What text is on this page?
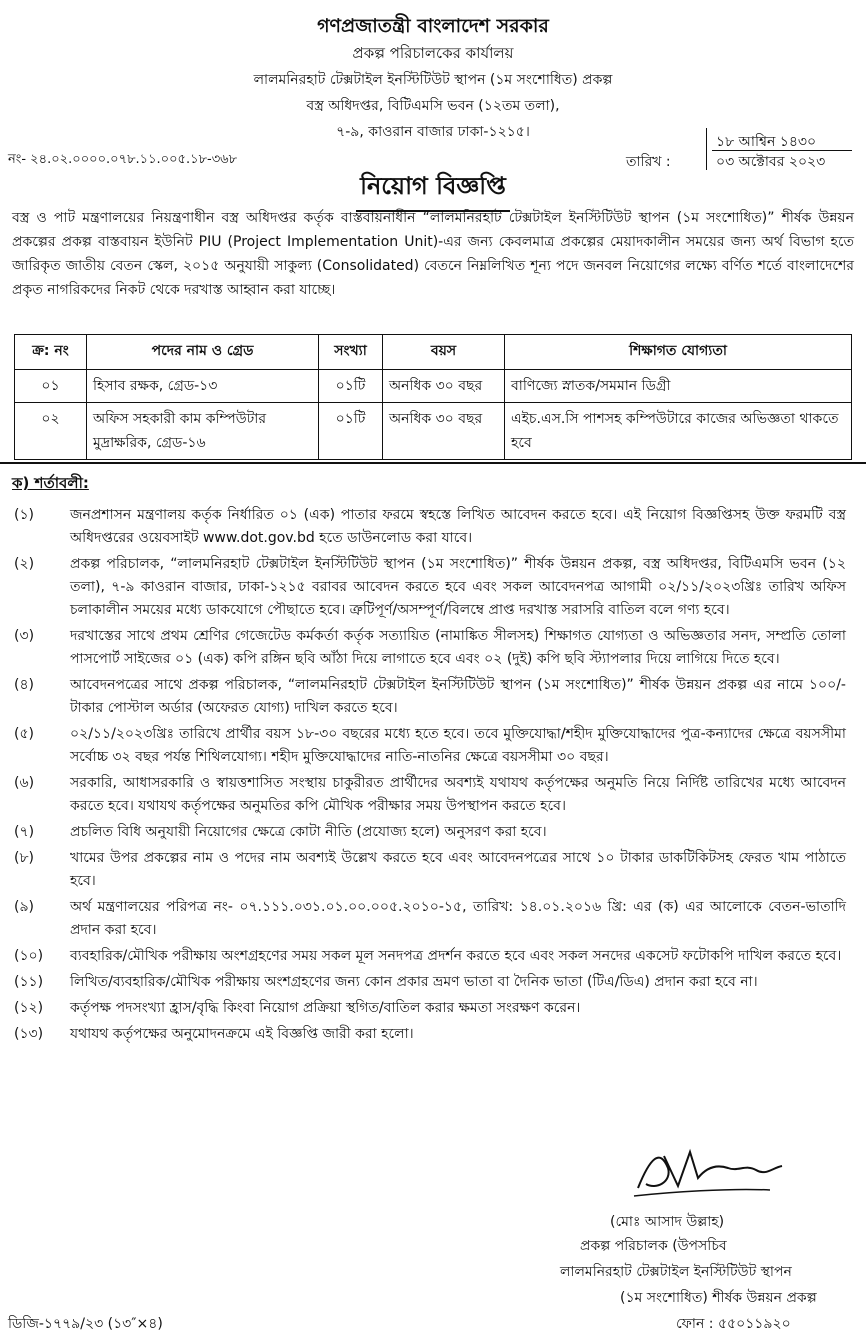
গণপ্রজাতন্ত্রী বাংলাদেশ সরকার
প্রকল্প পরিচালকের কার্যালয়
লালমনিরহাট টেক্সটাইল ইনস্টিটিউট স্থাপন (১ম সংশোধিত) প্রকল্প
বস্ত্র অধিদপ্তর, বিটিএমসি ভবন (১২তম তলা),
৭-৯, কাওরান বাজার ঢাকা-১২১৫।
নং- ২৪.০২.০০০০.০৭৮.১১.০০৫.১৮-৩৬৮	তারিখ :
১৮ আশ্বিন ১৪৩০
০৩ অক্টোবর ২০২৩
নিয়োগ বিজ্ঞপ্তি
বস্ত্র ও পাট মন্ত্রণালয়ের নিয়ন্ত্রণাধীন বস্ত্র অধিদপ্তর কর্তৃক বাস্তবায়নাধীন “লালমনিরহাট টেক্সটাইল ইনস্টিটিউট স্থাপন (১ম সংশোধিত)” শীর্ষক উন্নয়ন প্রকল্পের প্রকল্প বাস্তবায়ন ইউনিট PIU (Project Implementation Unit)-এর জন্য কেবলমাত্র প্রকল্পের মেয়াদকালীন সময়ের জন্য অর্থ বিভাগ হতে জারিকৃত জাতীয় বেতন স্কেল, ২০১৫ অনুযায়ী সাকুল্য (Consolidated) বেতনে নিম্নলিখিত শূন্য পদে জনবল নিয়োগের লক্ষ্যে বর্ণিত শর্তে বাংলাদেশের প্রকৃত নাগরিকদের নিকট থেকে দরখাস্ত আহ্বান করা যাচ্ছে।
ক্র: নং	পদের নাম ও গ্রেড	সংখ্যা	বয়স	শিক্ষাগত যোগ্যতা
০১	হিসাব রক্ষক, গ্রেড-১৩	০১টি	অনধিক ৩০ বছর	বাণিজ্যে স্নাতক/সমমান ডিগ্রী
০২	অফিস সহকারী কাম কম্পিউটার মুদ্রাক্ষরিক, গ্রেড-১৬	০১টি	অনধিক ৩০ বছর	এইচ.এস.সি পাশসহ কম্পিউটারে কাজের অভিজ্ঞতা থাকতে হবে
ক) শর্তাবলী:
(১)	জনপ্রশাসন মন্ত্রণালয় কর্তৃক নির্ধারিত ০১ (এক) পাতার ফরমে স্বহস্তে লিখিত আবেদন করতে হবে। এই নিয়োগ বিজ্ঞপ্তিসহ উক্ত ফরমটি বস্ত্র অধিদপ্তরের ওয়েবসাইট www.dot.gov.bd হতে ডাউনলোড করা যাবে।
(২)	প্রকল্প পরিচালক, “লালমনিরহাট টেক্সটাইল ইনস্টিটিউট স্থাপন (১ম সংশোধিত)” শীর্ষক উন্নয়ন প্রকল্প, বস্ত্র অধিদপ্তর, বিটিএমসি ভবন (১২ তলা), ৭-৯ কাওরান বাজার, ঢাকা-১২১৫ বরাবর আবেদন করতে হবে এবং সকল আবেদনপত্র আগামী ০২/১১/২০২৩খ্রিঃ তারিখ অফিস চলাকালীন সময়ের মধ্যে ডাকযোগে পৌছাতে হবে। ত্রুটিপূর্ণ/অসম্পূর্ণ/বিলম্বে প্রাপ্ত দরখাস্ত সরাসরি বাতিল বলে গণ্য হবে।
(৩)	দরখাস্তের সাথে প্রথম শ্রেণির গেজেটেড কর্মকর্তা কর্তৃক সত্যায়িত (নামাঙ্কিত সীলসহ) শিক্ষাগত যোগ্যতা ও অভিজ্ঞতার সনদ, সম্প্রতি তোলা পাসপোর্ট সাইজের ০১ (এক) কপি রঙ্গিন ছবি আঁঠা দিয়ে লাগাতে হবে এবং ০২ (দুই) কপি ছবি স্ট্যাপলার দিয়ে লাগিয়ে দিতে হবে।
(৪)	আবেদনপত্রের সাথে প্রকল্প পরিচালক, “লালমনিরহাট টেক্সটাইল ইনস্টিটিউট স্থাপন (১ম সংশোধিত)” শীর্ষক উন্নয়ন প্রকল্প এর নামে ১০০/-টাকার পোস্টাল অর্ডার (অফেরত যোগ্য) দাখিল করতে হবে।
(৫)	০২/১১/২০২৩খ্রিঃ তারিখে প্রার্থীর বয়স ১৮-৩০ বছরের মধ্যে হতে হবে। তবে মুক্তিযোদ্ধা/শহীদ মুক্তিযোদ্ধাদের পুত্র-কন্যাদের ক্ষেত্রে বয়সসীমা সর্বোচ্চ ৩২ বছর পর্যন্ত শিথিলযোগ্য। শহীদ মুক্তিযোদ্ধাদের নাতি-নাতনির ক্ষেত্রে বয়সসীমা ৩০ বছর।
(৬)	সরকারি, আধাসরকারি ও স্বায়ত্তশাসিত সংস্থায় চাকুরীরত প্রার্থীদের অবশ্যই যথাযথ কর্তৃপক্ষের অনুমতি নিয়ে নির্দিষ্ট তারিখের মধ্যে আবেদন করতে হবে। যথাযথ কর্তৃপক্ষের অনুমতির কপি মৌখিক পরীক্ষার সময় উপস্থাপন করতে হবে।
(৭)	প্রচলিত বিধি অনুযায়ী নিয়োগের ক্ষেত্রে কোটা নীতি (প্রযোজ্য হলে) অনুসরণ করা হবে।
(৮)	খামের উপর প্রকল্পের নাম ও পদের নাম অবশ্যই উল্লেখ করতে হবে এবং আবেদনপত্রের সাথে ১০ টাকার ডাকটিকিটসহ ফেরত খাম পাঠাতে হবে।
(৯)	অর্থ মন্ত্রণালয়ের পরিপত্র নং- ০৭.১১১.০৩১.০১.০০.০০৫.২০১০-১৫, তারিখ: ১৪.০১.২০১৬ খ্রি: এর (ক) এর আলোকে বেতন-ভাতাদি প্রদান করা হবে।
(১০)	ব্যবহারিক/মৌখিক পরীক্ষায় অংশগ্রহণের সময় সকল মূল সনদপত্র প্রদর্শন করতে হবে এবং সকল সনদের একসেট ফটোকপি দাখিল করতে হবে।
(১১)	লিখিত/ব্যবহারিক/মৌখিক পরীক্ষায় অংশগ্রহণের জন্য কোন প্রকার ভ্রমণ ভাতা বা দৈনিক ভাতা (টিএ/ডিএ) প্রদান করা হবে না।
(১২)	কর্তৃপক্ষ পদসংখ্যা হ্রাস/বৃদ্ধি কিংবা নিয়োগ প্রক্রিয়া স্থগিত/বাতিল করার ক্ষমতা সংরক্ষণ করেন।
(১৩)	যথাযথ কর্তৃপক্ষের অনুমোদনক্রমে এই বিজ্ঞপ্তি জারী করা হলো।
(মোঃ আসাদ উল্লাহ)
প্রকল্প পরিচালক (উপসচিব
লালমনিরহাট টেক্সটাইল ইনস্টিটিউট স্থাপন
(১ম সংশোধিত) শীর্ষক উন্নয়ন প্রকল্প
ফোন : ৫৫০১১৯২০
ডিজি-১৭৭৯/২৩ (১৩″×৪)
